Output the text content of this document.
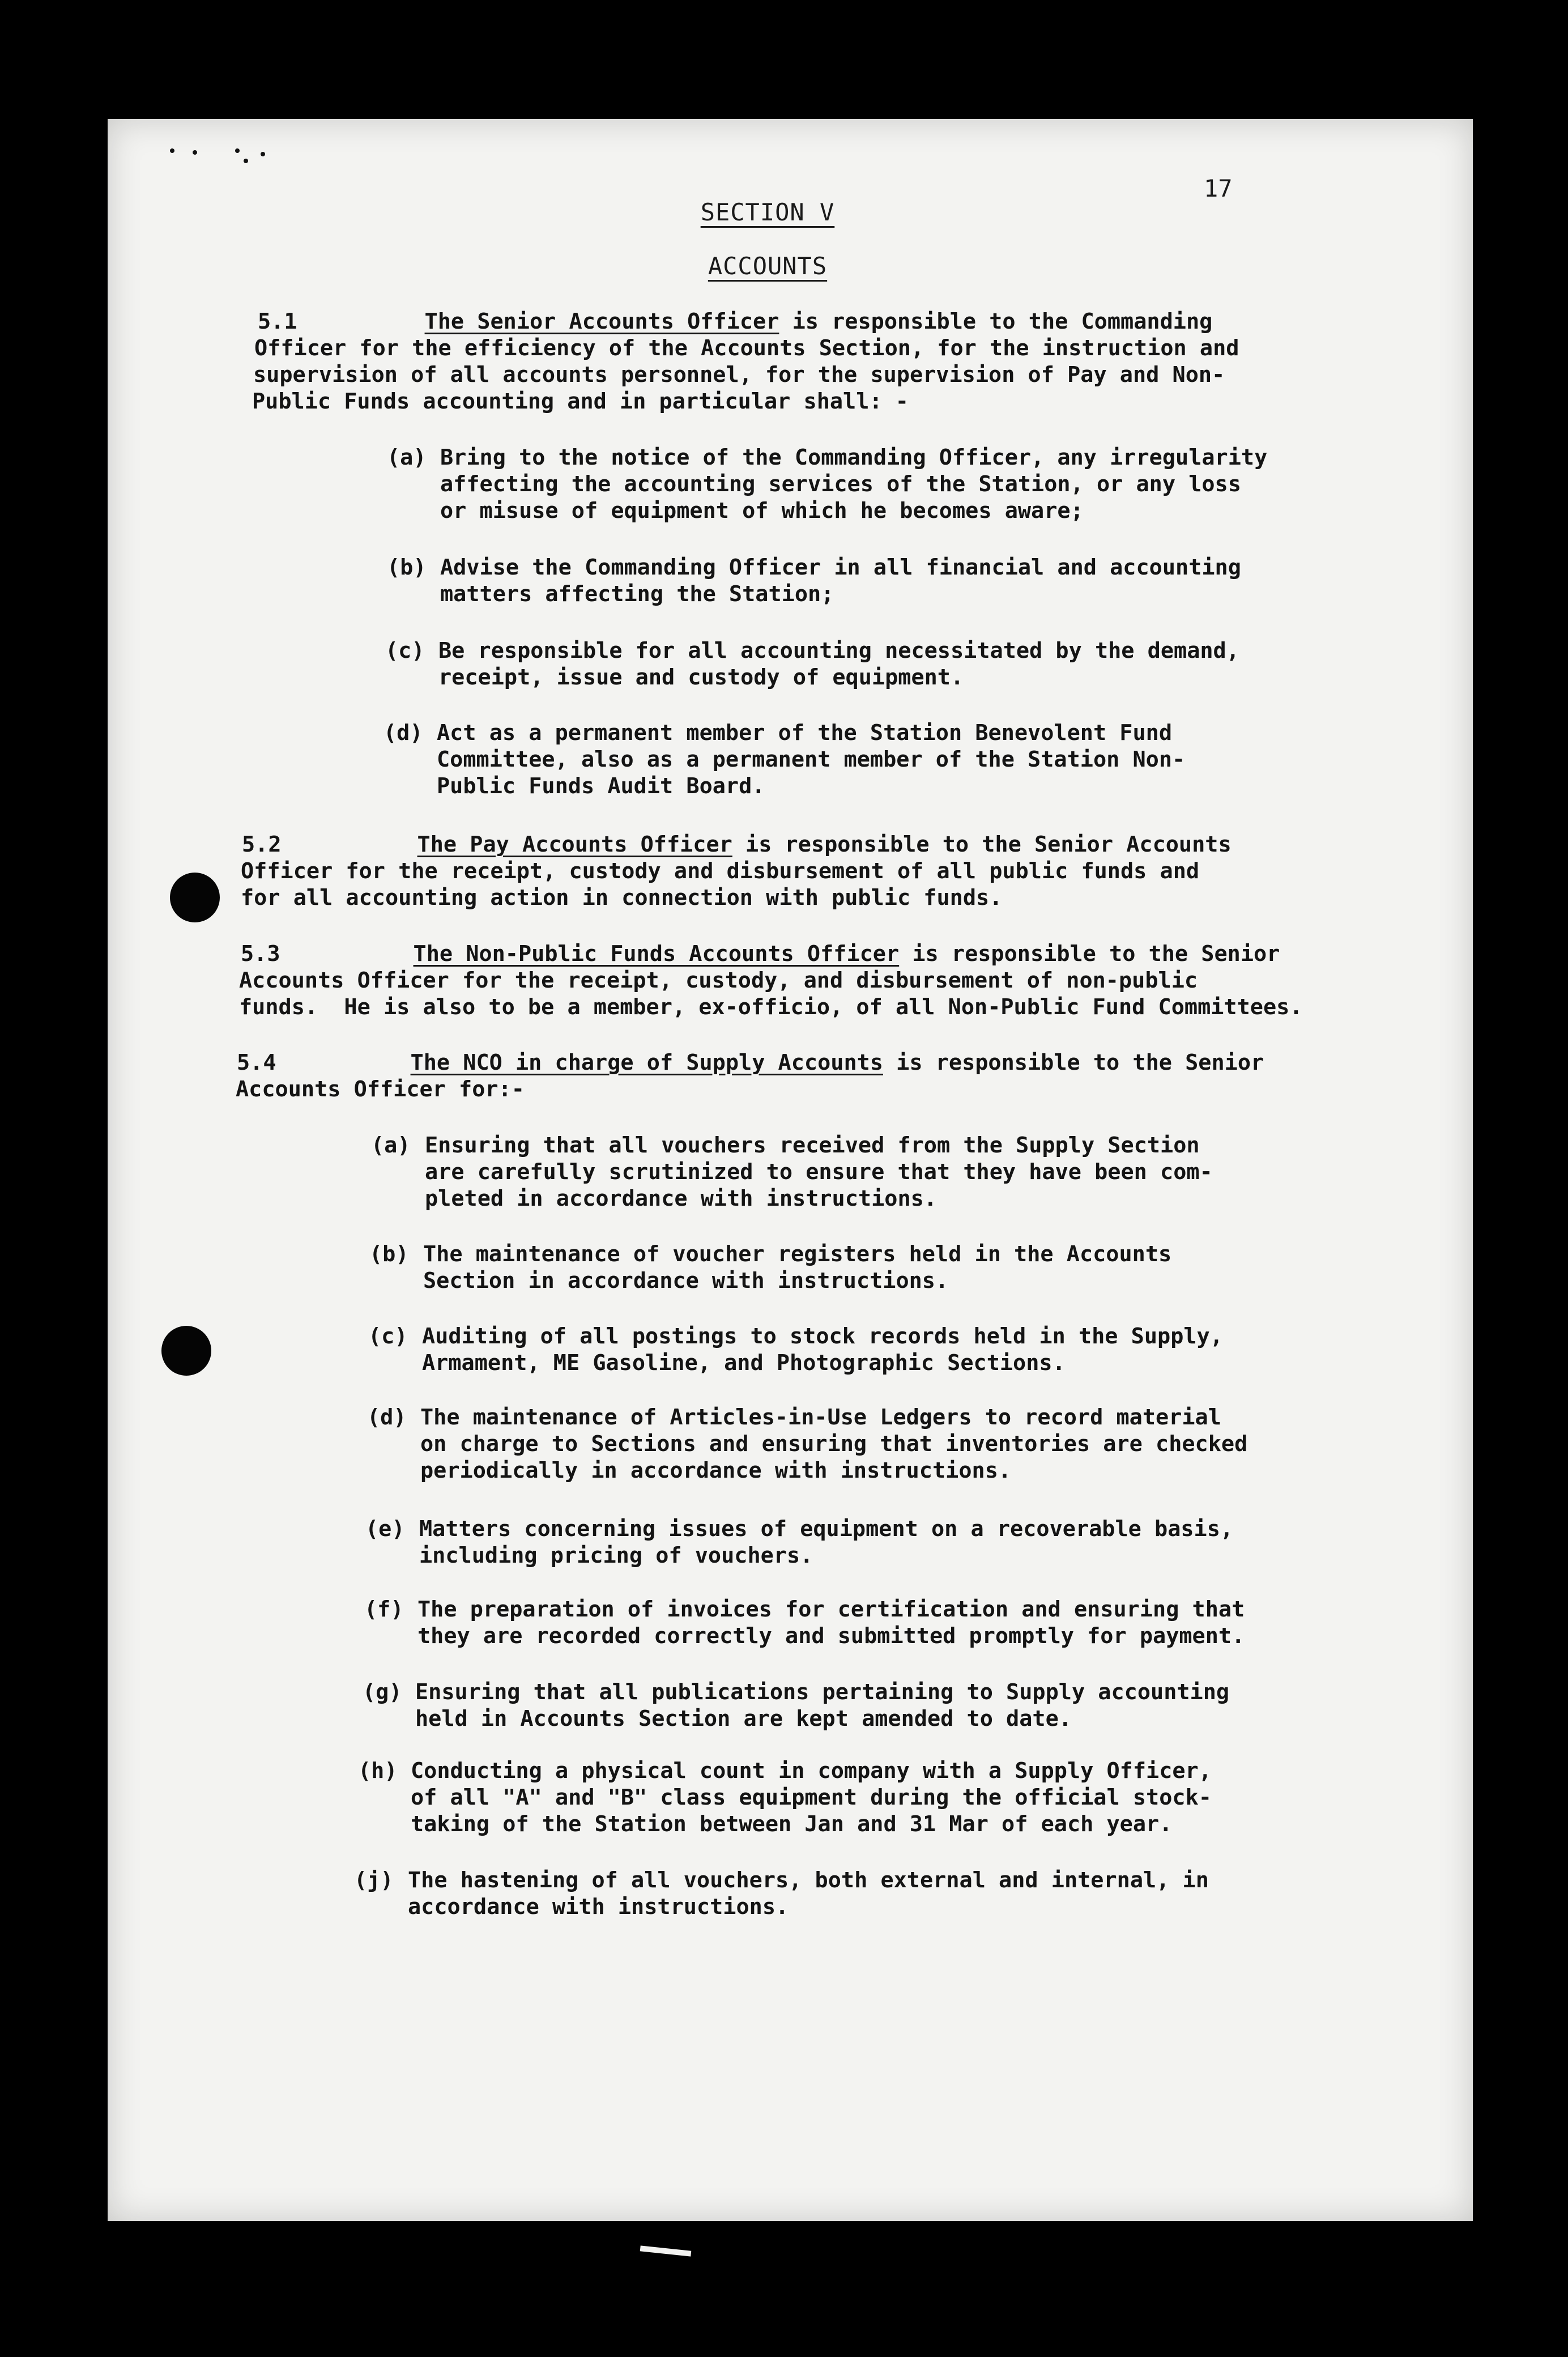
17
SECTION V
ACCOUNTS
5.1	The Senior Accounts Officer is responsible to the Commanding
Officer for the efficiency of the Accounts Section, for the instruction and
supervision of all accounts personnel, for the supervision of Pay and Non-
Public Funds accounting and in particular shall: -
(a) Bring to the notice of the Commanding Officer, any irregularity
affecting the accounting services of the Station, or any loss
or misuse of equipment of which he becomes aware;
(b) Advise the Commanding Officer in all financial and accounting
matters affecting the Station;
(c) Be responsible for all accounting necessitated by the demand,
receipt, issue and custody of equipment.
(d) Act as a permanent member of the Station Benevolent Fund
Committee, also as a permanent member of the Station Non-
Public Funds Audit Board.
5.2	The Pay Accounts Officer is responsible to the Senior Accounts
Officer for the receipt, custody and disbursement of all public funds and
for all accounting action in connection with public funds.
5.3	The Non-Public Funds Accounts Officer is responsible to the Senior
Accounts Officer for the receipt, custody, and disbursement of non-public
funds.  He is also to be a member, ex-officio, of all Non-Public Fund Committees.
5.4	The NCO in charge of Supply Accounts is responsible to the Senior
Accounts Officer for:-
(a) Ensuring that all vouchers received from the Supply Section
are carefully scrutinized to ensure that they have been com-
pleted in accordance with instructions.
(b) The maintenance of voucher registers held in the Accounts
Section in accordance with instructions.
(c) Auditing of all postings to stock records held in the Supply,
Armament, ME Gasoline, and Photographic Sections.
(d) The maintenance of Articles-in-Use Ledgers to record material
on charge to Sections and ensuring that inventories are checked
periodically in accordance with instructions.
(e) Matters concerning issues of equipment on a recoverable basis,
including pricing of vouchers.
(f) The preparation of invoices for certification and ensuring that
they are recorded correctly and submitted promptly for payment.
(g) Ensuring that all publications pertaining to Supply accounting
held in Accounts Section are kept amended to date.
(h) Conducting a physical count in company with a Supply Officer,
of all "A" and "B" class equipment during the official stock-
taking of the Station between Jan and 31 Mar of each year.
(j) The hastening of all vouchers, both external and internal, in
accordance with instructions.
